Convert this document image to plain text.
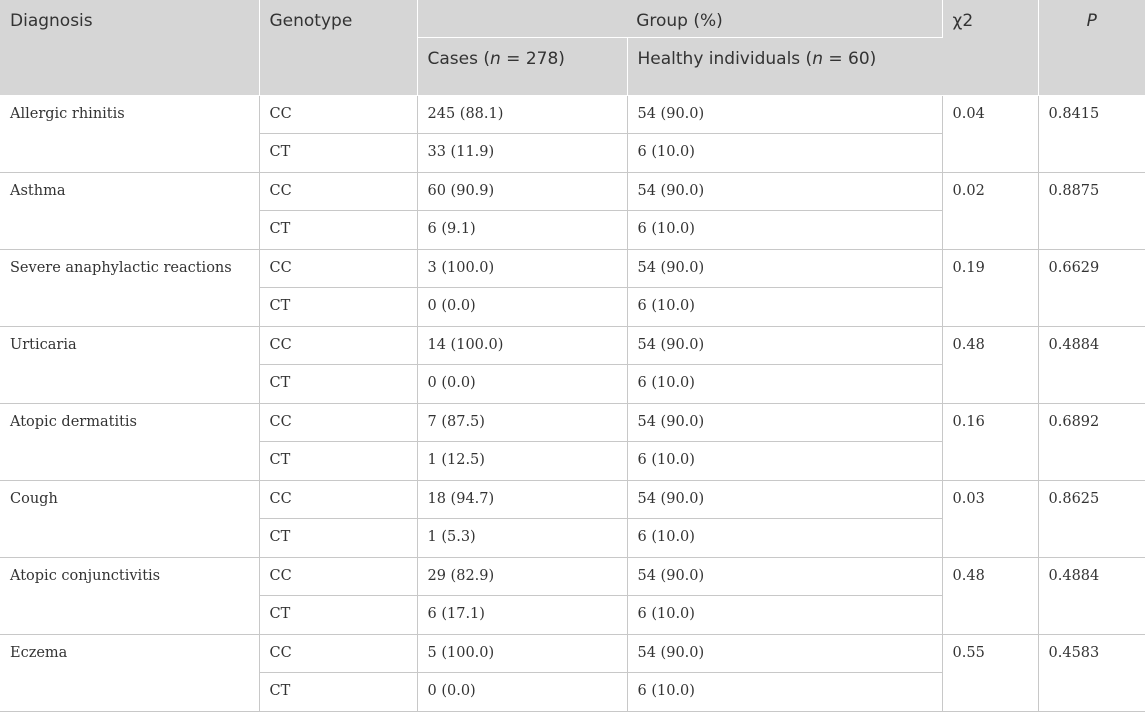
Diagnosis	Genotype	Group (%)		χ2	P
		Cases (n = 278)	Healthy individuals (n = 60)		
Allergic rhinitis	CC	245 (88.1)	54 (90.0)	0.04	0.8415
	CT	33 (11.9)	6 (10.0)		
Asthma	CC	60 (90.9)	54 (90.0)	0.02	0.8875
	CT	6 (9.1)	6 (10.0)		
Severe anaphylactic reactions	CC	3 (100.0)	54 (90.0)	0.19	0.6629
	CT	0 (0.0)	6 (10.0)		
Urticaria	CC	14 (100.0)	54 (90.0)	0.48	0.4884
	CT	0 (0.0)	6 (10.0)		
Atopic dermatitis	CC	7 (87.5)	54 (90.0)	0.16	0.6892
	CT	1 (12.5)	6 (10.0)		
Cough	CC	18 (94.7)	54 (90.0)	0.03	0.8625
	CT	1 (5.3)	6 (10.0)		
Atopic conjunctivitis	CC	29 (82.9)	54 (90.0)	0.48	0.4884
	CT	6 (17.1)	6 (10.0)		
Eczema	CC	5 (100.0)	54 (90.0)	0.55	0.4583
	CT	0 (0.0)	6 (10.0)		
